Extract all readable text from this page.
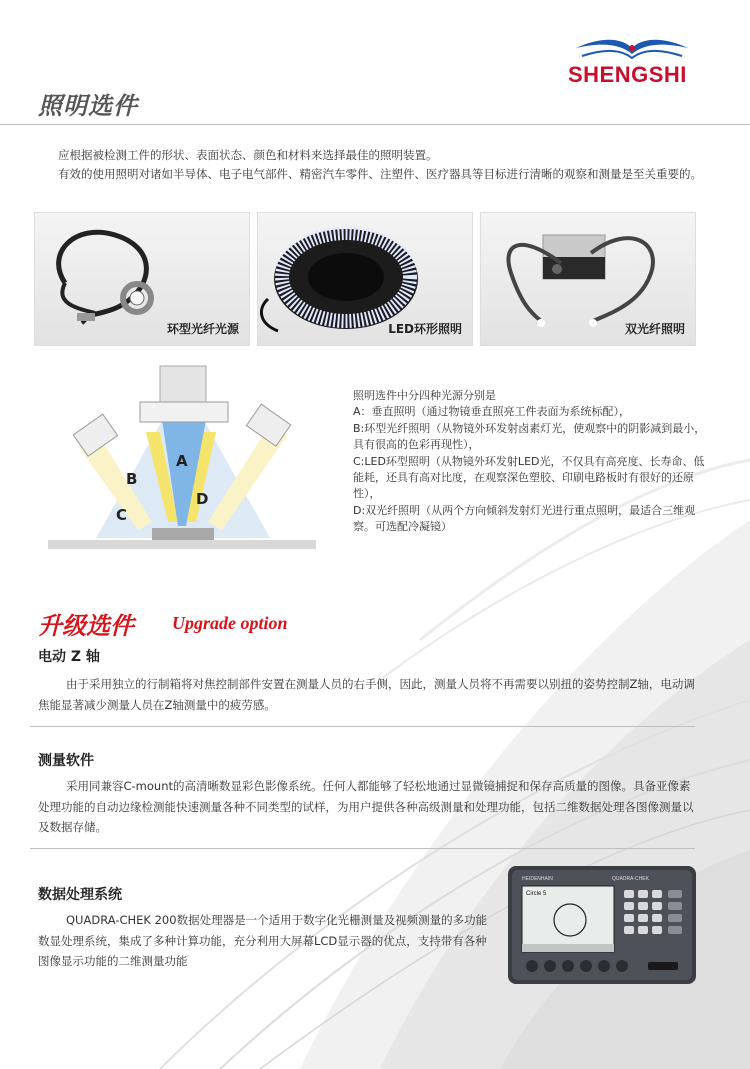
SHENGSHI
照明选件
应根据被检测工件的形状、表面状态、颜色和材料来选择最佳的照明装置。
有效的使用照明对诸如半导体、电子电气部件、精密汽车零件、注塑件、医疗器具等目标进行清晰的观察和测量是至关重要的。
环型光纤光源	LED环形照明	双光纤照明
A
B
C
D
照明选件中分四种光源分别是
A：垂直照明（通过物镜垂直照亮工件表面为系统标配），
B:环型光纤照明（从物镜外环发射卤素灯光，使观察中的阴影减到最小，具有很高的色彩再现性），
C:LED环型照明（从物镜外环发射LED光，不仅具有高亮度、长寿命、低能耗，还具有高对比度，在观察深色塑胶、印刷电路板时有很好的还原性），
D:双光纤照明（从两个方向倾斜发射灯光进行重点照明，最适合三维观察。可选配冷凝镜）
升级选件 Upgrade option
电动 Z 轴
由于采用独立的行制箱将对焦控制部件安置在测量人员的右手侧，因此，测量人员将不再需要以别扭的姿势控制Z轴，电动调焦能显著减少测量人员在Z轴测量中的疲劳感。
测量软件
采用同兼容C-mount的高清晰数显彩色影像系统。任何人都能够了轻松地通过显微镜捕捉和保存高质量的图像。具备亚像素处理功能的自动边缘检测能快速测量各种不同类型的试样，为用户提供各种高级测量和处理功能，包括二维数据处理各图像测量以及数据存储。
数据处理系统
QUADRA-CHEK 200数据处理器是一个适用于数字化光栅测量及视频测量的多功能数显处理系统，集成了多种计算功能，充分利用大屏幕LCD显示器的优点，支持带有各种图像显示功能的二维测量功能
HEIDENHAIN	QUADRA-CHEK
Circle 5
